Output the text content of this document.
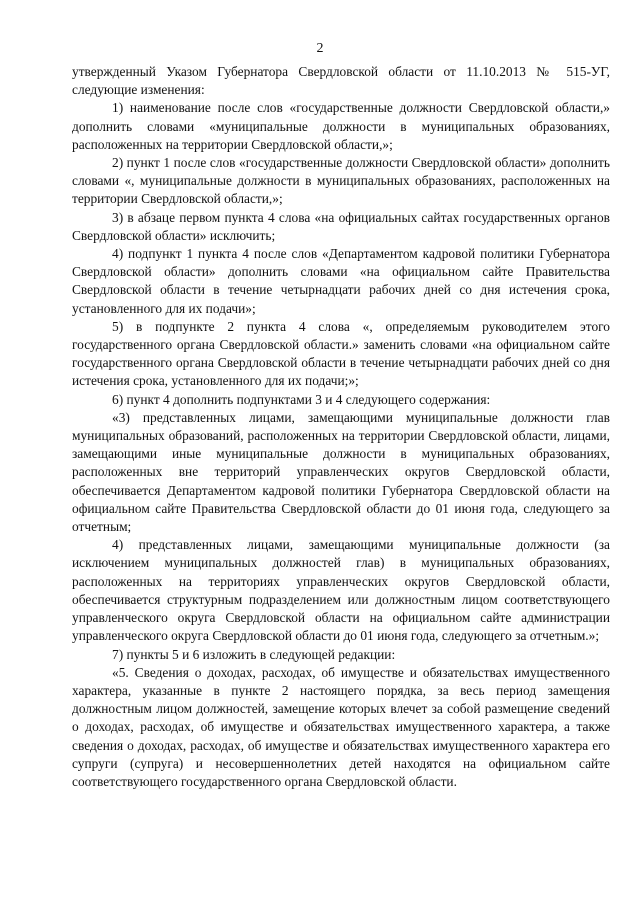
2

утвержденный Указом Губернатора Свердловской области от 11.10.2013 № 515-УГ, следующие изменения:

1) наименование после слов «государственные должности Свердловской области,» дополнить словами «муниципальные должности в муниципальных образованиях, расположенных на территории Свердловской области,»;

2) пункт 1 после слов «государственные должности Свердловской области» дополнить словами «, муниципальные должности в муниципальных образованиях, расположенных на территории Свердловской области,»;

3) в абзаце первом пункта 4 слова «на официальных сайтах государственных органов Свердловской области» исключить;

4) подпункт 1 пункта 4 после слов «Департаментом кадровой политики Губернатора Свердловской области» дополнить словами «на официальном сайте Правительства Свердловской области в течение четырнадцати рабочих дней со дня истечения срока, установленного для их подачи»;

5) в подпункте 2 пункта 4 слова «, определяемым руководителем этого государственного органа Свердловской области.» заменить словами «на официальном сайте государственного органа Свердловской области в течение четырнадцати рабочих дней со дня истечения срока, установленного для их подачи;»;

6) пункт 4 дополнить подпунктами 3 и 4 следующего содержания:

«3) представленных лицами, замещающими муниципальные должности глав муниципальных образований, расположенных на территории Свердловской области, лицами, замещающими иные муниципальные должности в муниципальных образованиях, расположенных вне территорий управленческих округов Свердловской области, обеспечивается Департаментом кадровой политики Губернатора Свердловской области на официальном сайте Правительства Свердловской области до 01 июня года, следующего за отчетным;

4) представленных лицами, замещающими муниципальные должности (за исключением муниципальных должностей глав) в муниципальных образованиях, расположенных на территориях управленческих округов Свердловской области, обеспечивается структурным подразделением или должностным лицом соответствующего управленческого округа Свердловской области на официальном сайте администрации управленческого округа Свердловской области до 01 июня года, следующего за отчетным.»;

7) пункты 5 и 6 изложить в следующей редакции:

«5. Сведения о доходах, расходах, об имуществе и обязательствах имущественного характера, указанные в пункте 2 настоящего порядка, за весь период замещения должностным лицом должностей, замещение которых влечет за собой размещение сведений о доходах, расходах, об имуществе и обязательствах имущественного характера, а также сведения о доходах, расходах, об имуществе и обязательствах имущественного характера его супруги (супруга) и несовершеннолетних детей находятся на официальном сайте соответствующего государственного органа Свердловской области.
